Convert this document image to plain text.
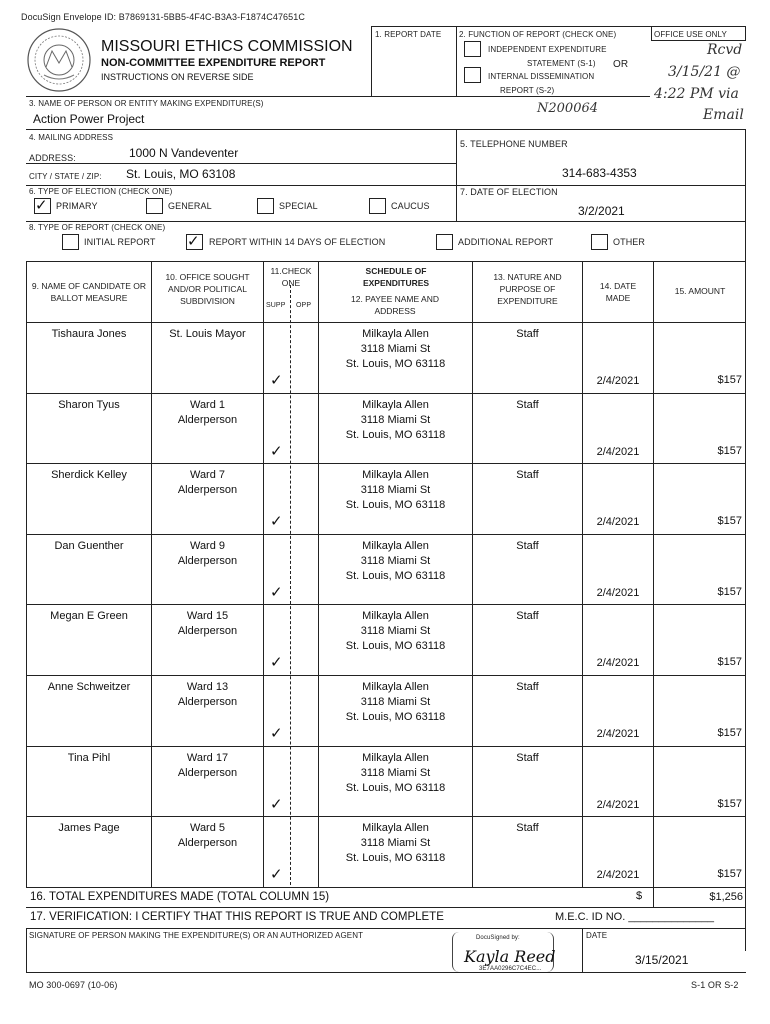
DocuSign Envelope ID: B7869131-5BB5-4F4C-B3A3-F1874C47651C
MISSOURI ETHICS COMMISSION
NON-COMMITTEE EXPENDITURE REPORT
INSTRUCTIONS ON REVERSE SIDE
1. REPORT DATE 2. FUNCTION OF REPORT (CHECK ONE)	OFFICE USE ONLY
INDEPENDENT EXPENDITURE
STATEMENT (S-1) OR
INTERNAL DISSEMINATION
REPORT (S-2)
Rcvd
3/15/21 @
4:22 PM via
Email
N200064
3. NAME OF PERSON OR ENTITY MAKING EXPENDITURE(S)
Action Power Project
4. MAILING ADDRESS
ADDRESS:	1000 N Vandeventer
CITY / STATE / ZIP: St. Louis, MO 63108
5. TELEPHONE NUMBER
314-683-4353
6. TYPE OF ELECTION (CHECK ONE)
✓ PRIMARY	GENERAL	SPECIAL	CAUCUS
7. DATE OF ELECTION
3/2/2021
8. TYPE OF REPORT (CHECK ONE)
INITIAL REPORT ✓ REPORT WITHIN 14 DAYS OF ELECTION	ADDITIONAL REPORT	OTHER
9. NAME OF CANDIDATE OR BALLOT MEASURE
10. OFFICE SOUGHT AND/OR POLITICAL SUBDIVISION
11.CHECK ONE
SUPP OPP
SCHEDULE OF EXPENDITURES
12. PAYEE NAME AND ADDRESS
13. NATURE AND PURPOSE OF EXPENDITURE
14. DATE MADE
15. AMOUNT
Tishaura Jones	St. Louis Mayor
✓
Milkayla Allen
3118 Miami St
St. Louis, MO 63118
Staff
2/4/2021	$157
Sharon Tyus	Ward 1
Alderperson
✓
Milkayla Allen
3118 Miami St
St. Louis, MO 63118
Staff
2/4/2021	$157
Sherdick Kelley	Ward 7
Alderperson
✓
Milkayla Allen
3118 Miami St
St. Louis, MO 63118
Staff
2/4/2021	$157
Dan Guenther	Ward 9
Alderperson
✓
Milkayla Allen
3118 Miami St
St. Louis, MO 63118
Staff
2/4/2021	$157
Megan E Green	Ward 15
Alderperson
✓
Milkayla Allen
3118 Miami St
St. Louis, MO 63118
Staff
2/4/2021	$157
Anne Schweitzer	Ward 13
Alderperson
✓
Milkayla Allen
3118 Miami St
St. Louis, MO 63118
Staff
2/4/2021	$157
Tina Pihl	Ward 17
Alderperson
✓
Milkayla Allen
3118 Miami St
St. Louis, MO 63118
Staff
2/4/2021	$157
James Page	Ward 5
Alderperson
✓
Milkayla Allen
3118 Miami St
St. Louis, MO 63118
Staff
2/4/2021	$157
16. TOTAL EXPENDITURES MADE (TOTAL COLUMN 15)	$	$1,256
17. VERIFICATION: I CERTIFY THAT THIS REPORT IS TRUE AND COMPLETE	M.E.C. ID NO. ______________
SIGNATURE OF PERSON MAKING THE EXPENDITURE(S) OR AN AUTHORIZED AGENT	DocuSigned by:
Kayla Reed
3E7AA0296C7C4EC...
DATE
3/15/2021
MO 300-0697 (10-06)	S-1 OR S-2
